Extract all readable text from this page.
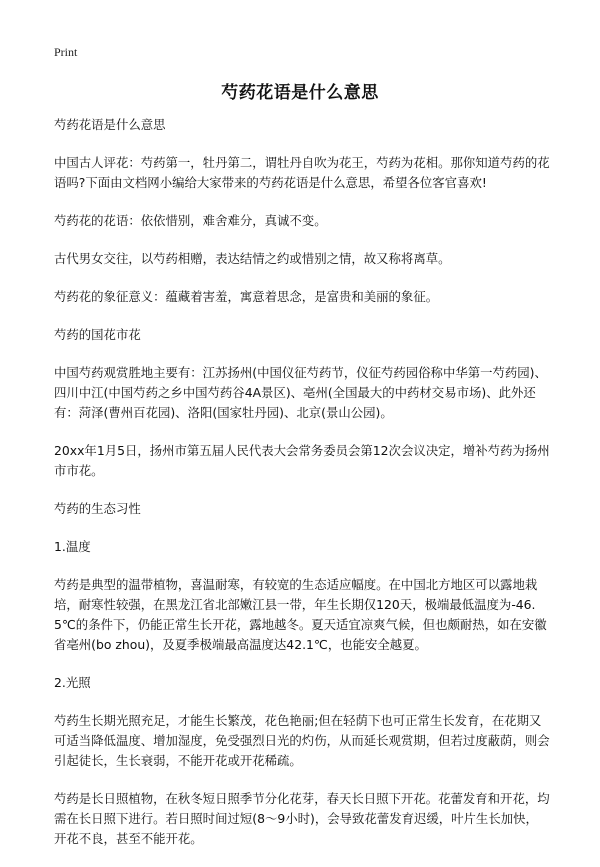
Print
芍药花语是什么意思

芍药花语是什么意思

中国古人评花：芍药第一，牡丹第二，谓牡丹自吹为花王，芍药为花相。那你知道芍药的花语吗?下面由文档网小编给大家带来的芍药花语是什么意思，希望各位客官喜欢!

芍药花的花语：依依惜别，难舍难分，真诚不变。

古代男女交往，以芍药相赠，表达结情之约或惜别之情，故又称将离草。

芍药花的象征意义：蕴藏着害羞，寓意着思念，是富贵和美丽的象征。

芍药的国花市花

中国芍药观赏胜地主要有：江苏扬州(中国仪征芍药节，仪征芍药园俗称中华第一芍药园)、四川中江(中国芍药之乡中国芍药谷4A景区)、亳州(全国最大的中药材交易市场)、此外还有：菏泽(曹州百花园)、洛阳(国家牡丹园)、北京(景山公园)。

20xx年1月5日，扬州市第五届人民代表大会常务委员会第12次会议决定，增补芍药为扬州市市花。

芍药的生态习性

1.温度

芍药是典型的温带植物，喜温耐寒，有较宽的生态适应幅度。在中国北方地区可以露地栽培，耐寒性较强，在黑龙江省北部嫩江县一带，年生长期仅120天，极端最低温度为-46.5℃的条件下，仍能正常生长开花，露地越冬。夏天适宜凉爽气候，但也颇耐热，如在安徽省亳州(bo zhou)，及夏季极端最高温度达42.1℃，也能安全越夏。

2.光照

芍药生长期光照充足，才能生长繁茂，花色艳丽;但在轻荫下也可正常生长发育，在花期又可适当降低温度、增加湿度，免受强烈日光的灼伤，从而延长观赏期，但若过度蔽荫，则会引起徒长，生长衰弱，不能开花或开花稀疏。

芍药是长日照植物，在秋冬短日照季节分化花芽，春天长日照下开花。花蕾发育和开花，均需在长日照下进行。若日照时间过短(8～9小时)，会导致花蕾发育迟缓，叶片生长加快，开花不良，甚至不能开花。
